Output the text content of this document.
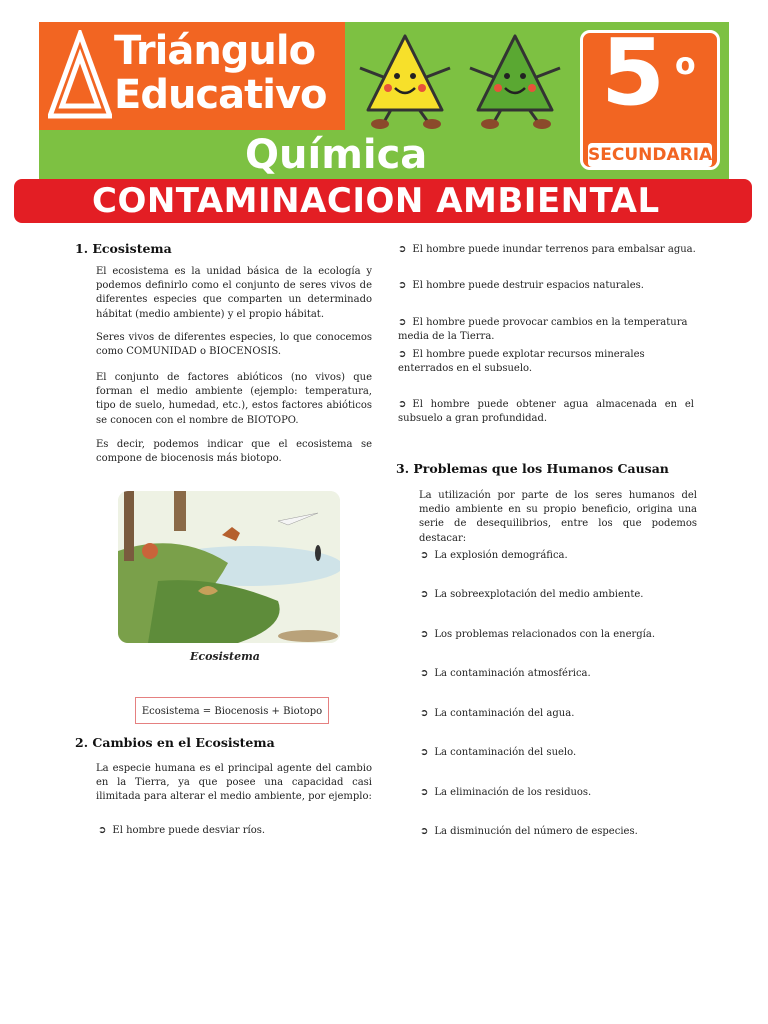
Triángulo
Educativo
Química
5 o
SECUNDARIA
CONTAMINACION AMBIENTAL
1. Ecosistema
El ecosistema es la unidad básica de la ecología y podemos definirlo como el conjunto de seres vivos de diferentes especies que comparten un determinado hábitat (medio ambiente) y el propio hábitat.
Seres vivos de diferentes especies, lo que conocemos como COMUNIDAD o BIOCENOSIS.
El conjunto de factores abióticos (no vivos) que forman el medio ambiente (ejemplo: temperatura, tipo de suelo, humedad, etc.), estos factores abióticos se conocen con el nombre de BIOTOPO.
Es decir, podemos indicar que el ecosistema se compone de biocenosis más biotopo.
Ecosistema
Ecosistema = Biocenosis + Biotopo
2. Cambios en el Ecosistema
La especie humana es el principal agente del cambio en la Tierra, ya que posee una capacidad casi ilimitada para alterar el medio ambiente, por ejemplo:
➲ El hombre puede desviar ríos.
➲ El hombre puede inundar terrenos para embalsar agua.
➲ El hombre puede destruir espacios naturales.
➲ El hombre puede provocar cambios en la temperatura media de la Tierra.
➲ El hombre puede explotar recursos minerales enterrados en el subsuelo.
➲ El hombre puede obtener agua almacenada en el subsuelo a gran profundidad.
3. Problemas que los Humanos Causan
La utilización por parte de los seres humanos del medio ambiente en su propio beneficio, origina una serie de desequilibrios, entre los que podemos destacar:
➲ La explosión demográfica.
➲ La sobreexplotación del medio ambiente.
➲ Los problemas relacionados con la energía.
➲ La contaminación atmosférica.
➲ La contaminación del agua.
➲ La contaminación del suelo.
➲ La eliminación de los residuos.
➲ La disminución del número de especies.
